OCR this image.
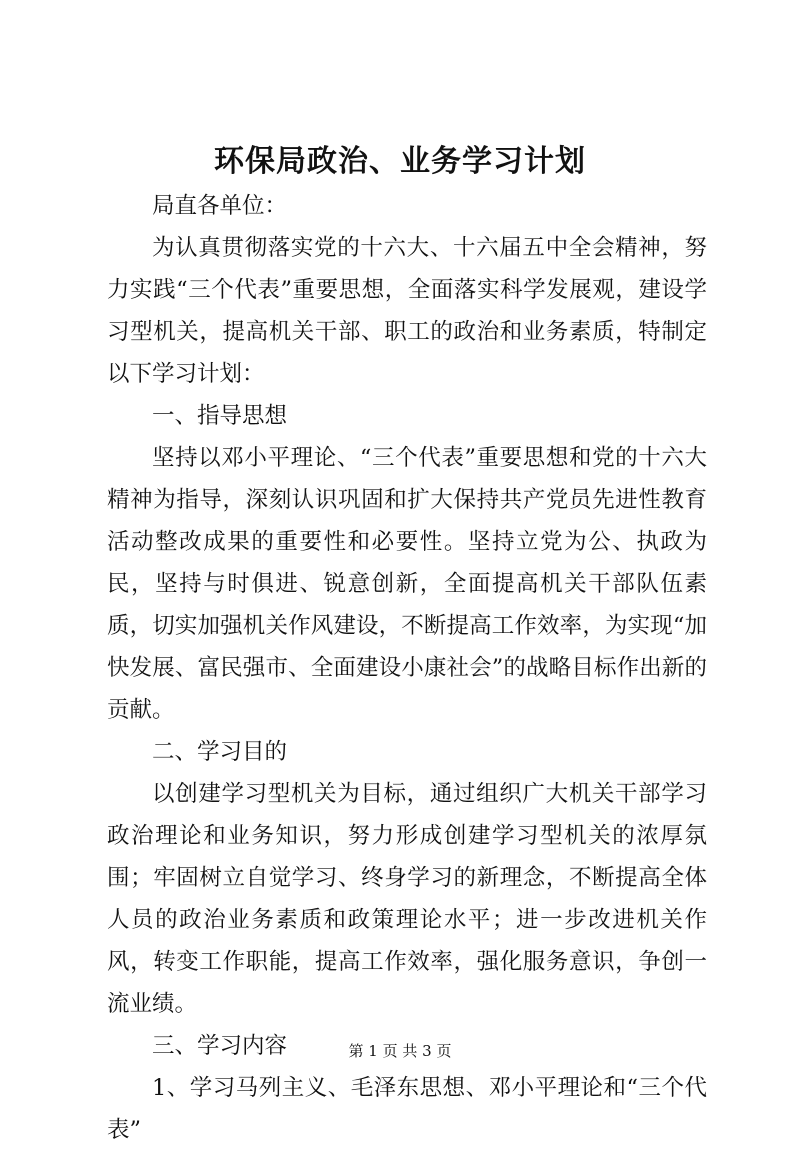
环保局政治、业务学习计划

局直各单位：

为认真贯彻落实党的十六大、十六届五中全会精神，努力实践“三个代表”重要思想，全面落实科学发展观，建设学习型机关，提高机关干部、职工的政治和业务素质，特制定以下学习计划：

一、指导思想

坚持以邓小平理论、“三个代表”重要思想和党的十六大精神为指导，深刻认识巩固和扩大保持共产党员先进性教育活动整改成果的重要性和必要性。坚持立党为公、执政为民，坚持与时俱进、锐意创新，全面提高机关干部队伍素质，切实加强机关作风建设，不断提高工作效率，为实现“加快发展、富民强市、全面建设小康社会”的战略目标作出新的贡献。

二、学习目的

以创建学习型机关为目标，通过组织广大机关干部学习政治理论和业务知识，努力形成创建学习型机关的浓厚氛围；牢固树立自觉学习、终身学习的新理念，不断提高全体人员的政治业务素质和政策理论水平；进一步改进机关作风，转变工作职能，提高工作效率，强化服务意识，争创一流业绩。

三、学习内容

1、学习马列主义、毛泽东思想、邓小平理论和“三个代表”

第 1 页 共 3 页
